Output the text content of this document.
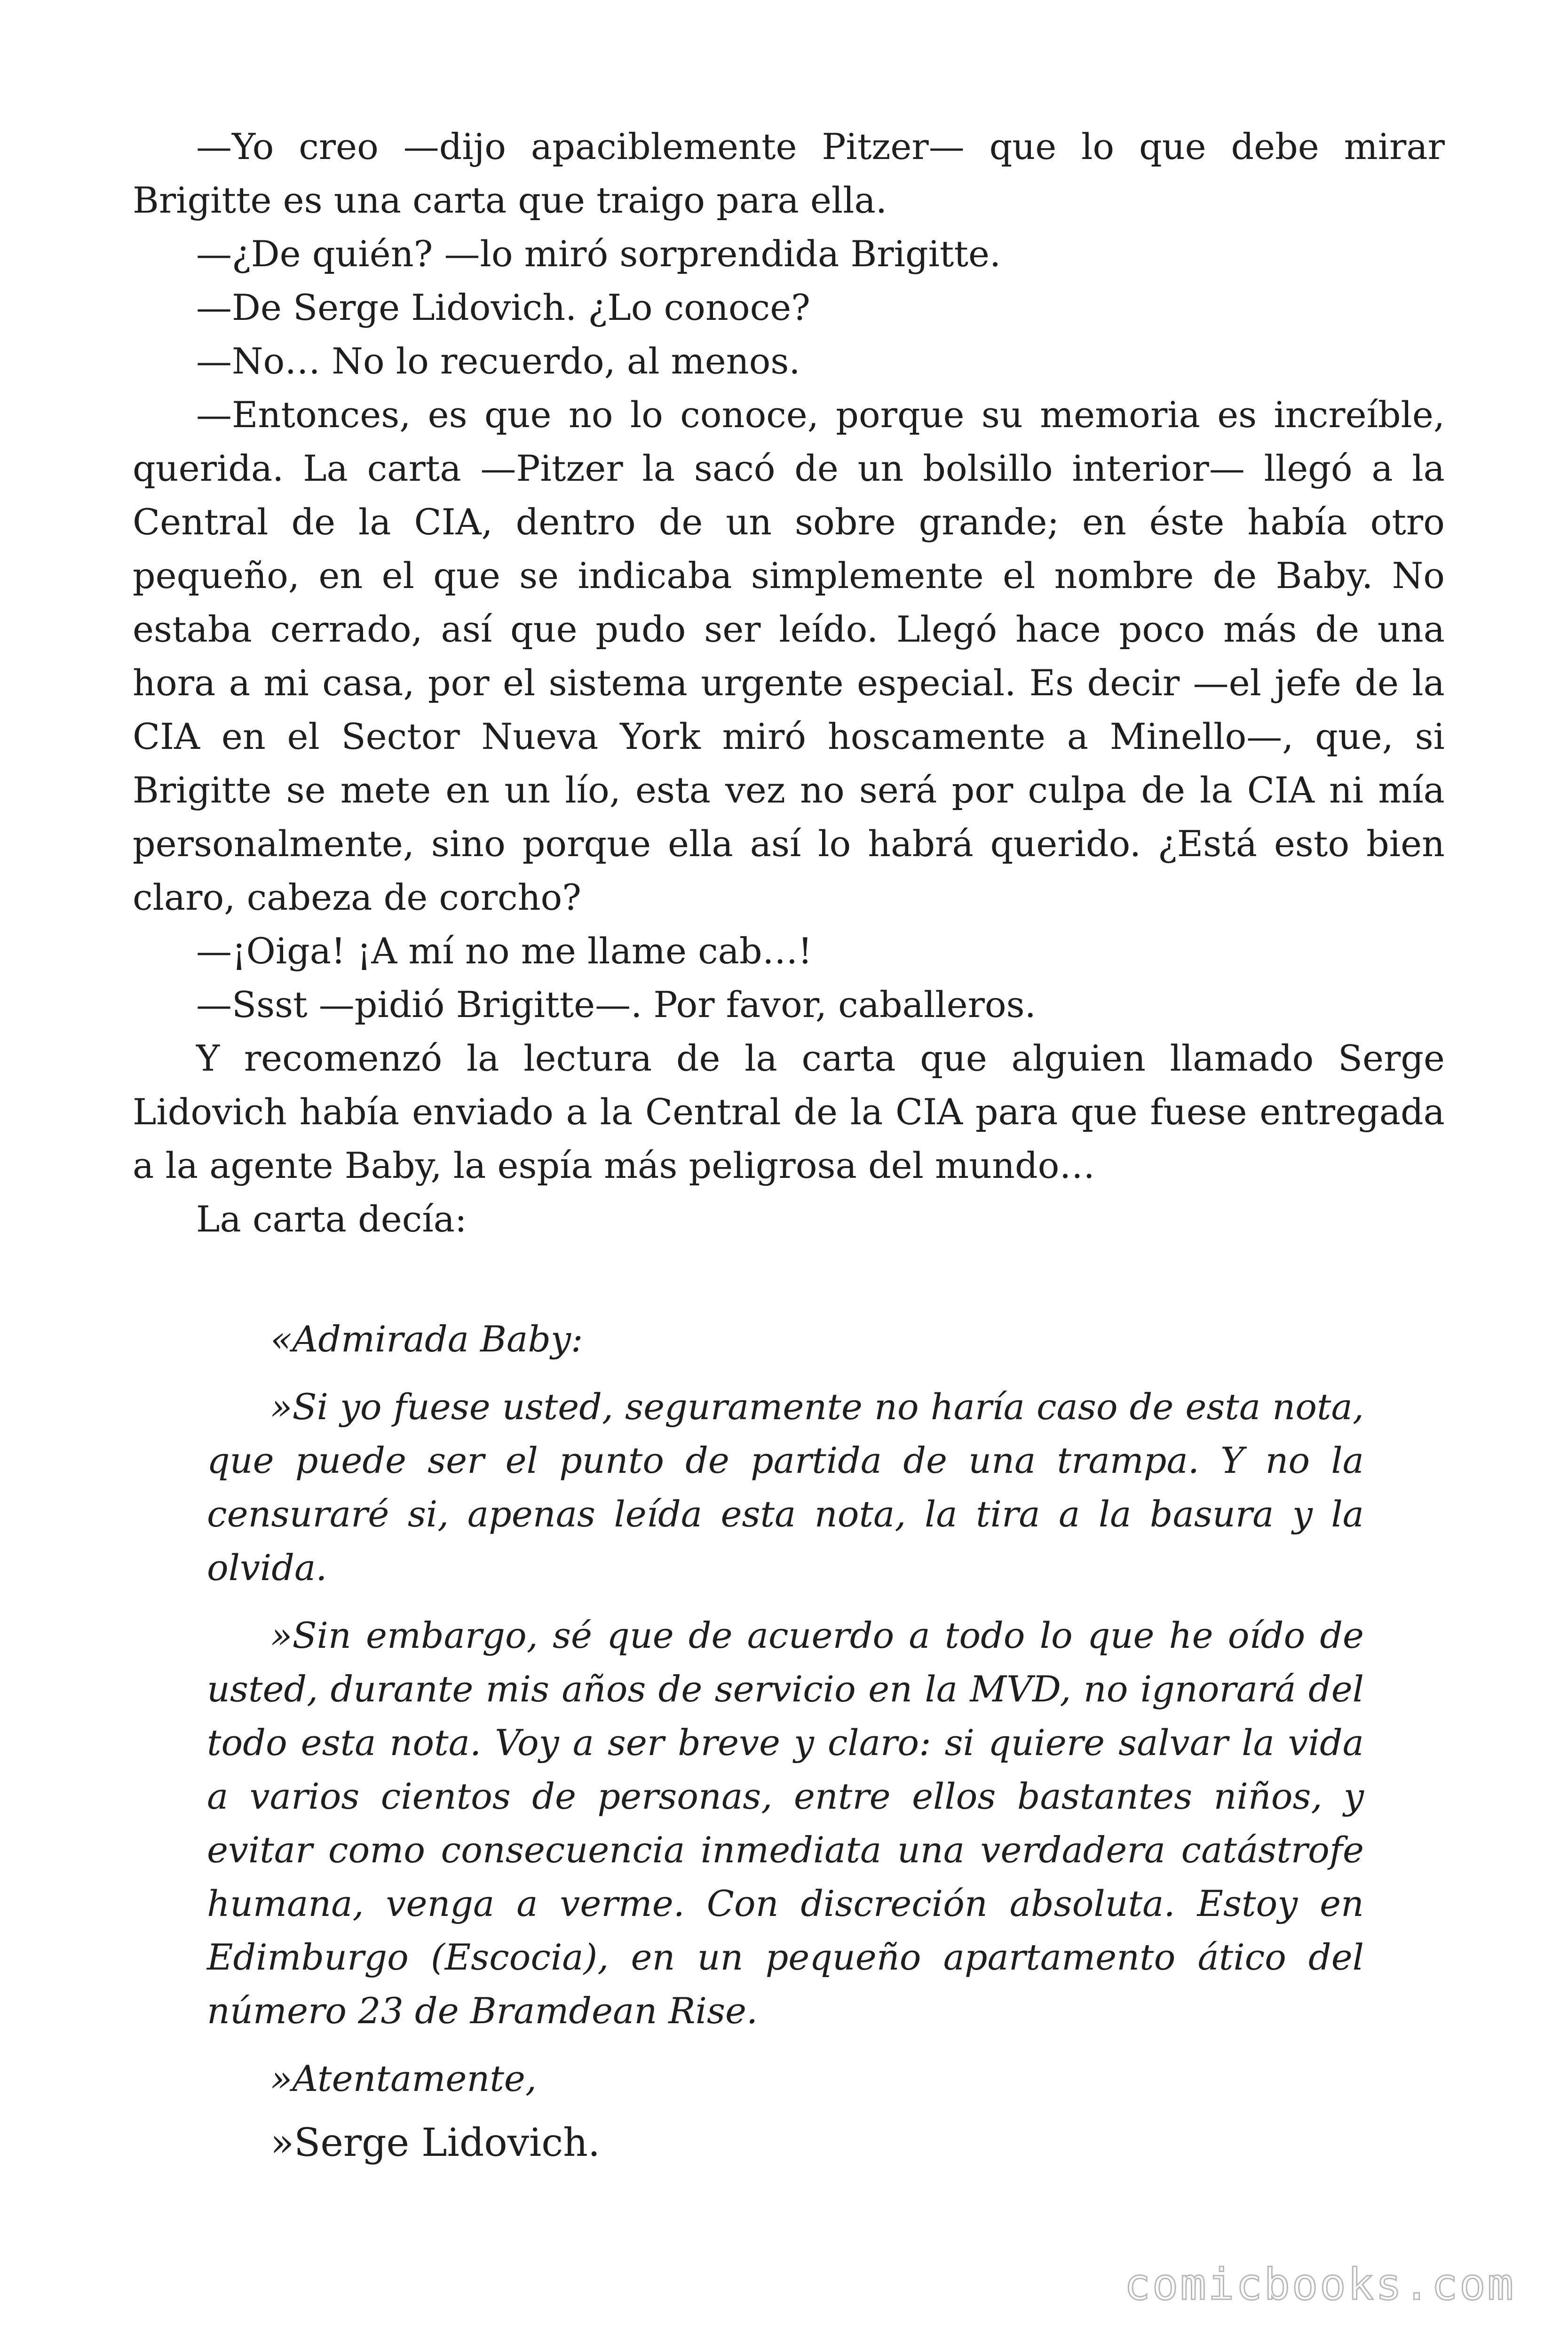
—Yo creo —dijo apaciblemente Pitzer— que lo que debe mirar Brigitte es una carta que traigo para ella.

—¿De quién? —lo miró sorprendida Brigitte.

—De Serge Lidovich. ¿Lo conoce?

—No… No lo recuerdo, al menos.

—Entonces, es que no lo conoce, porque su memoria es increíble, querida. La carta —Pitzer la sacó de un bolsillo interior— llegó a la Central de la CIA, dentro de un sobre grande; en éste había otro pequeño, en el que se indicaba simplemente el nombre de Baby. No estaba cerrado, así que pudo ser leído. Llegó hace poco más de una hora a mi casa, por el sistema urgente especial. Es decir —el jefe de la CIA en el Sector Nueva York miró hoscamente a Minello—, que, si Brigitte se mete en un lío, esta vez no será por culpa de la CIA ni mía personalmente, sino porque ella así lo habrá querido. ¿Está esto bien claro, cabeza de corcho?

—¡Oiga! ¡A mí no me llame cab…!

—Ssst —pidió Brigitte—. Por favor, caballeros.

Y recomenzó la lectura de la carta que alguien llamado Serge Lidovich había enviado a la Central de la CIA para que fuese entregada a la agente Baby, la espía más peligrosa del mundo…

La carta decía:

«Admirada Baby:

»Si yo fuese usted, seguramente no haría caso de esta nota, que puede ser el punto de partida de una trampa. Y no la censuraré si, apenas leída esta nota, la tira a la basura y la olvida.

»Sin embargo, sé que de acuerdo a todo lo que he oído de usted, durante mis años de servicio en la MVD, no ignorará del todo esta nota. Voy a ser breve y claro: si quiere salvar la vida a varios cientos de personas, entre ellos bastantes niños, y evitar como consecuencia inmediata una verdadera catástrofe humana, venga a verme. Con discreción absoluta. Estoy en Edimburgo (Escocia), en un pequeño apartamento ático del número 23 de Bramdean Rise.

»Atentamente,

»Serge Lidovich.

comicbooks.com
